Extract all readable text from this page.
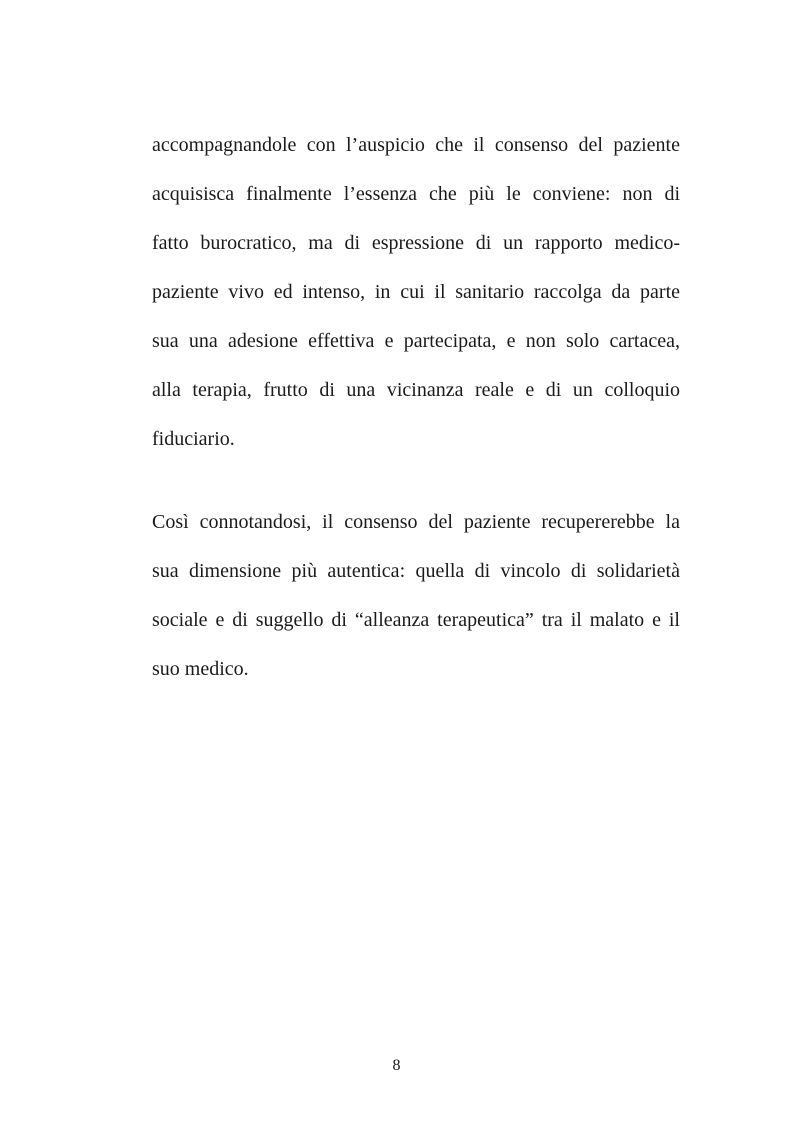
accompagnandole con l’auspicio che il consenso del paziente
acquisisca finalmente l’essenza che più le conviene: non di
fatto burocratico, ma di espressione di un rapporto medico-
paziente vivo ed intenso, in cui il sanitario raccolga da parte
sua una adesione effettiva e partecipata, e non solo cartacea,
alla terapia, frutto di una vicinanza reale e di un colloquio
fiduciario.
Così connotandosi, il consenso del paziente recupererebbe la
sua dimensione più autentica: quella di vincolo di solidarietà
sociale e di suggello di “alleanza terapeutica” tra il malato e il
suo medico.
8
